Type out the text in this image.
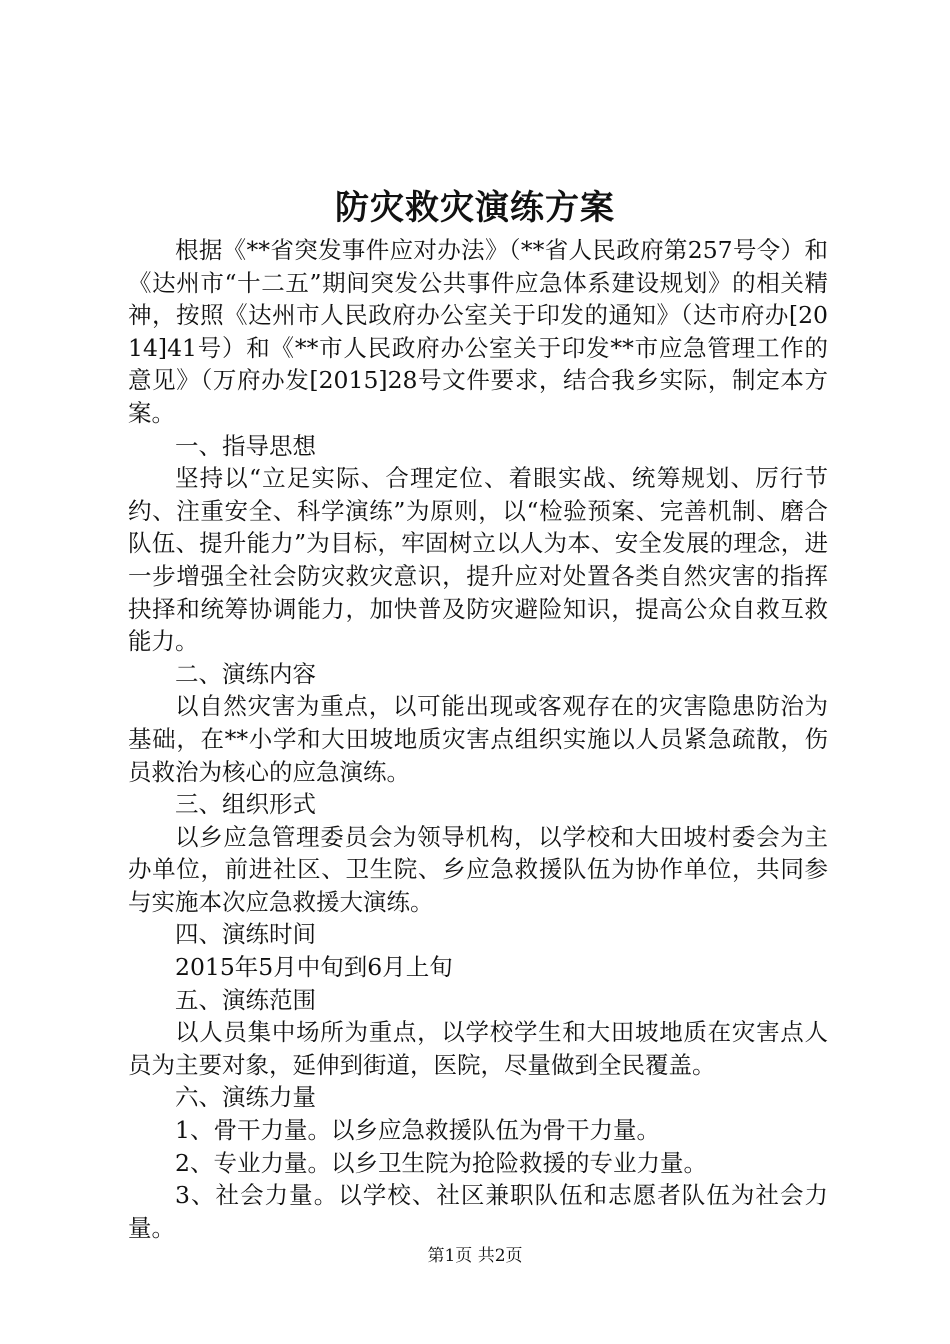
防灾救灾演练方案

根据《**省突发事件应对办法》（**省人民政府第257号令）和《达州市“十二五”期间突发公共事件应急体系建设规划》的相关精神，按照《达州市人民政府办公室关于印发的通知》（达市府办[2014]41号）和《**市人民政府办公室关于印发**市应急管理工作的意见》（万府办发[2015]28号文件要求，结合我乡实际，制定本方案。

一、指导思想

坚持以“立足实际、合理定位、着眼实战、统筹规划、厉行节约、注重安全、科学演练”为原则，以“检验预案、完善机制、磨合队伍、提升能力”为目标，牢固树立以人为本、安全发展的理念，进一步增强全社会防灾救灾意识，提升应对处置各类自然灾害的指挥抉择和统筹协调能力，加快普及防灾避险知识，提高公众自救互救能力。

二、演练内容

以自然灾害为重点，以可能出现或客观存在的灾害隐患防治为基础，在**小学和大田坡地质灾害点组织实施以人员紧急疏散，伤员救治为核心的应急演练。

三、组织形式

以乡应急管理委员会为领导机构，以学校和大田坡村委会为主办单位，前进社区、卫生院、乡应急救援队伍为协作单位，共同参与实施本次应急救援大演练。

四、演练时间

2015年5月中旬到6月上旬

五、演练范围

以人员集中场所为重点，以学校学生和大田坡地质在灾害点人员为主要对象，延伸到街道，医院，尽量做到全民覆盖。

六、演练力量

1、骨干力量。以乡应急救援队伍为骨干力量。

2、专业力量。以乡卫生院为抢险救援的专业力量。

3、社会力量。以学校、社区兼职队伍和志愿者队伍为社会力量。

第1页 共2页
